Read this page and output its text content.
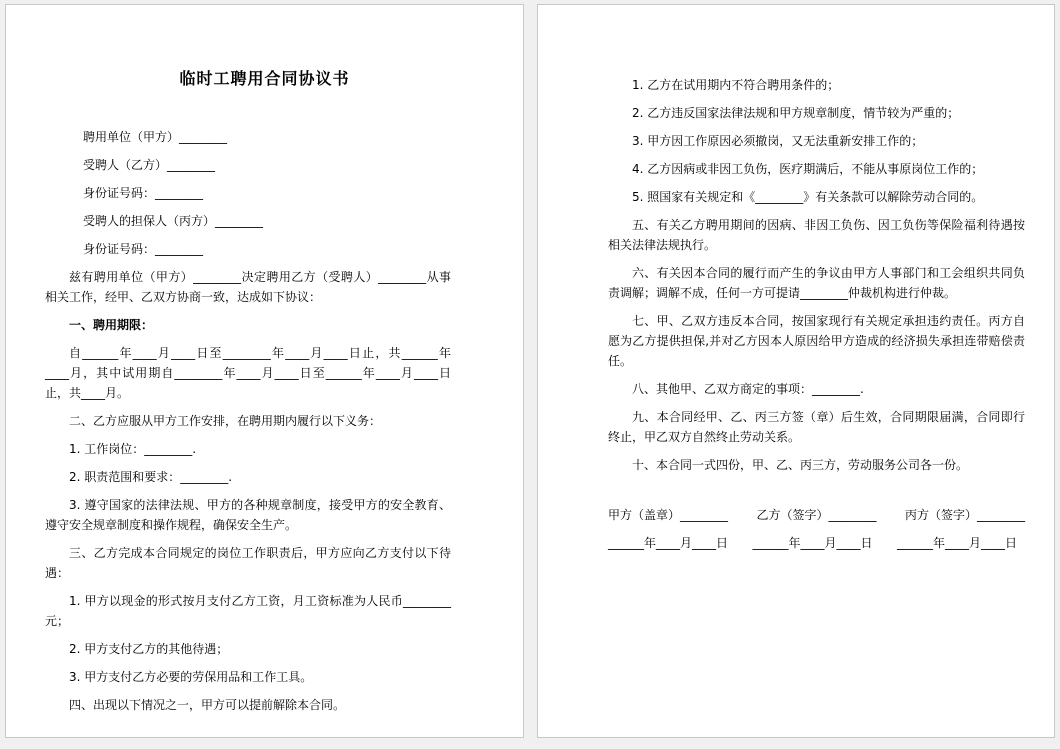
临时工聘用合同协议书

聘用单位（甲方）________

受聘人（乙方）________

身份证号码：________

受聘人的担保人（丙方）________

身份证号码：________

兹有聘用单位（甲方）________决定聘用乙方（受聘人）________从事相关工作，经甲、乙双方协商一致，达成如下协议：

一、聘用期限：

自______年____月____日至________年____月____日止，共______年____月，其中试用期自________年____月____日至______年____月____日止，共____月。

二、乙方应服从甲方工作安排，在聘用期内履行以下义务：

1. 工作岗位：________.

2. 职责范围和要求：________.

3. 遵守国家的法律法规、甲方的各种规章制度，接受甲方的安全教育、遵守安全规章制度和操作规程，确保安全生产。

三、乙方完成本合同规定的岗位工作职责后，甲方应向乙方支付以下待遇：

1. 甲方以现金的形式按月支付乙方工资，月工资标准为人民币________元；

2. 甲方支付乙方的其他待遇；

3. 甲方支付乙方必要的劳保用品和工作工具。

四、出现以下情况之一，甲方可以提前解除本合同。

1. 乙方在试用期内不符合聘用条件的；

2. 乙方违反国家法律法规和甲方规章制度，情节较为严重的；

3. 甲方因工作原因必须撤岗，又无法重新安排工作的；

4. 乙方因病或非因工负伤，医疗期满后，不能从事原岗位工作的；

5. 照国家有关规定和《________》有关条款可以解除劳动合同的。

五、有关乙方聘用期间的因病、非因工负伤、因工负伤等保险福利待遇按相关法律法规执行。

六、有关因本合同的履行而产生的争议由甲方人事部门和工会组织共同负责调解；调解不成，任何一方可提请________仲裁机构进行仲裁。

七、甲、乙双方违反本合同，按国家现行有关规定承担违约责任。丙方自愿为乙方提供担保,并对乙方因本人原因给甲方造成的经济损失承担连带赔偿责任。

八、其他甲、乙双方商定的事项：________.

九、本合同经甲、乙、丙三方签（章）后生效，合同期限届满，合同即行终止，甲乙双方自然终止劳动关系。

十、本合同一式四份，甲、乙、丙三方，劳动服务公司各一份。

甲方（盖章）________ 乙方（签字）________ 丙方（签字）________
______年____月____日	______年____月____日	______年____月____日
